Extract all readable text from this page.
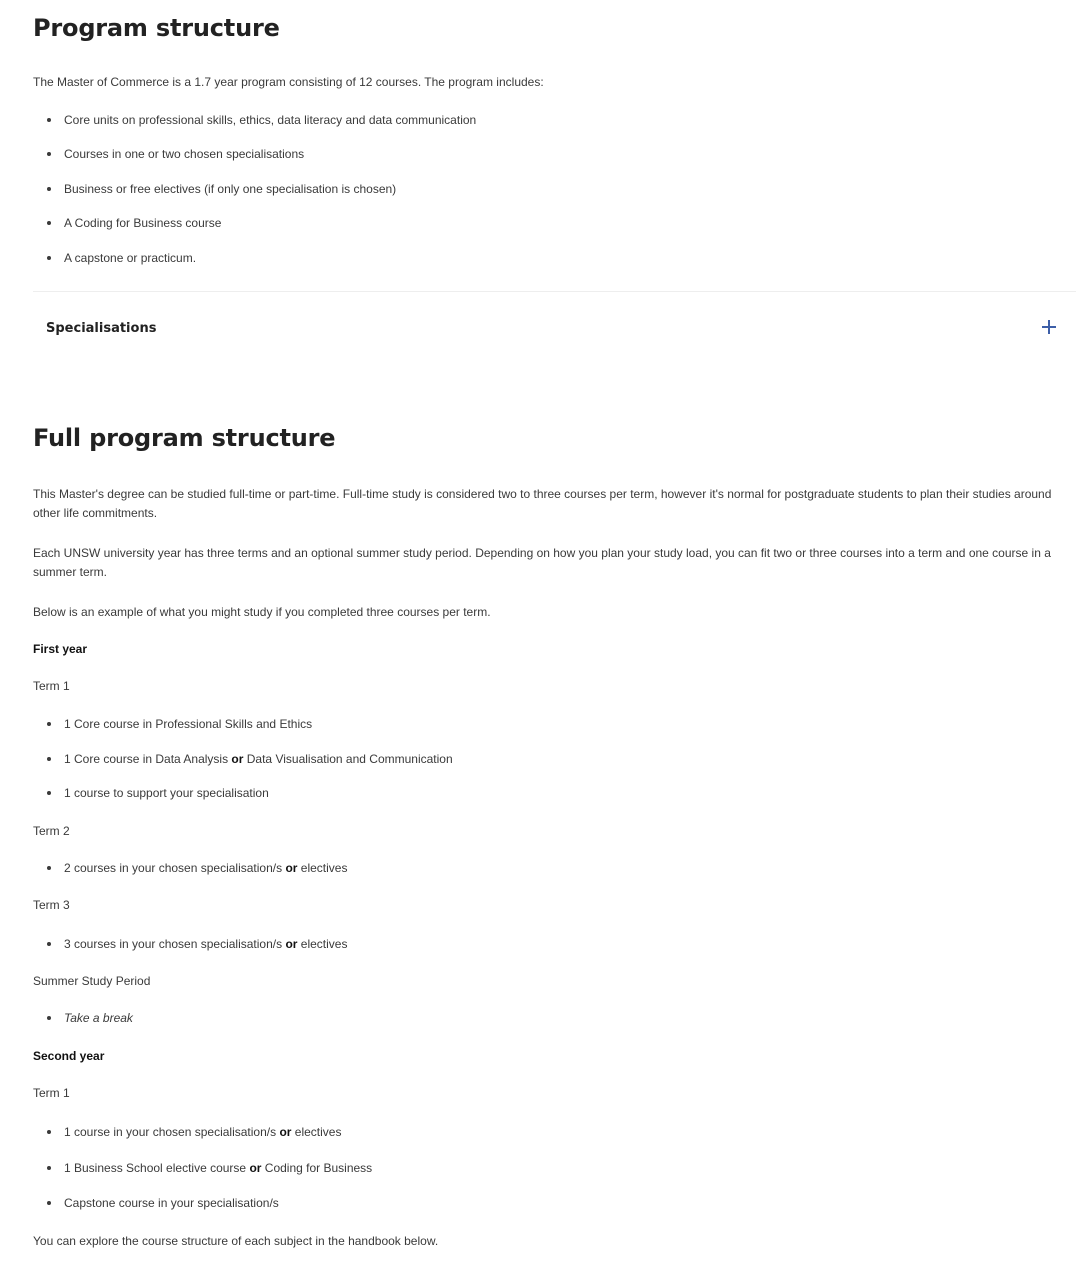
Program structure

The Master of Commerce is a 1.7 year program consisting of 12 courses. The program includes:

Core units on professional skills, ethics, data literacy and data communication
Courses in one or two chosen specialisations
Business or free electives (if only one specialisation is chosen)
A Coding for Business course
A capstone or practicum.
Specialisations
Full program structure

This Master's degree can be studied full-time or part-time. Full-time study is considered two to three courses per term, however it's normal for postgraduate students to plan their studies around other life commitments.

Each UNSW university year has three terms and an optional summer study period. Depending on how you plan your study load, you can fit two or three courses into a term and one course in a summer term.

Below is an example of what you might study if you completed three courses per term.

First year

Term 1

1 Core course in Professional Skills and Ethics
1 Core course in Data Analysis or Data Visualisation and Communication
1 course to support your specialisation

Term 2

2 courses in your chosen specialisation/s or electives

Term 3

3 courses in your chosen specialisation/s or electives

Summer Study Period

Take a break

Second year

Term 1

1 course in your chosen specialisation/s or electives
1 Business School elective course or Coding for Business
Capstone course in your specialisation/s

You can explore the course structure of each subject in the handbook below.
